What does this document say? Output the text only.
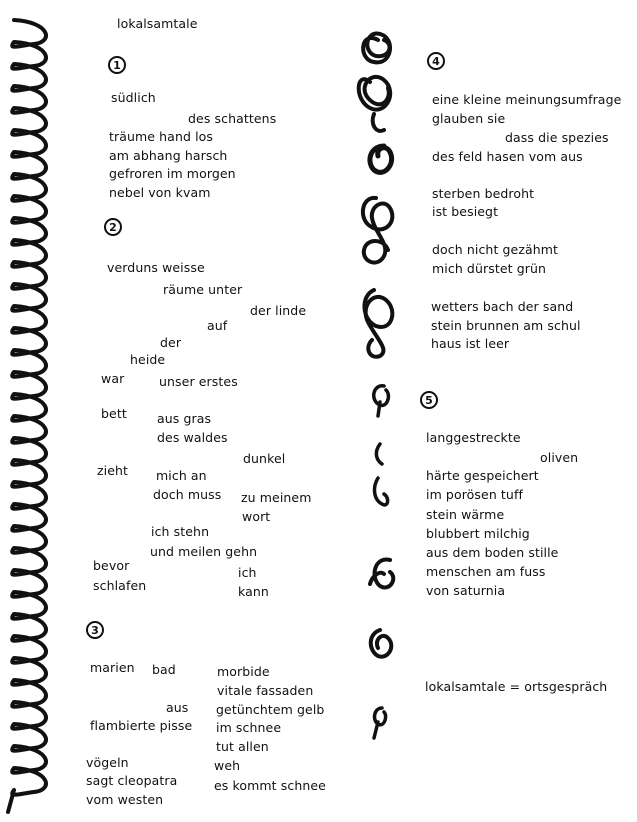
lokalsamtale
1
südlich
des schattens
träume hand los
am abhang harsch
gefroren im morgen
nebel von kvam
2
verduns weisse
räume unter
der linde
auf
der
heide
war	unser erstes
bett aus gras
des waldes
dunkel
zieht mich an
doch muss zu meinem
wort
ich stehn
und meilen gehn
bevor	ich
schlafen	kann
3
marien bad	morbide
vitale fassaden
aus getünchtem gelb
flambierte pisse im schnee
tut allen
vögeln	weh
sagt cleopatra	es kommt schnee
vom westen
4
eine kleine meinungsumfrage
glauben sie
dass die spezies
des feld hasen vom aus
sterben bedroht
ist besiegt
doch nicht gezähmt
mich dürstet grün
wetters bach der sand
stein brunnen am schul
haus ist leer
5
langgestreckte
oliven
härte gespeichert
im porösen tuff
stein wärme
blubbert milchig
aus dem boden stille
menschen am fuss
von saturnia
lokalsamtale = ortsgespräch
